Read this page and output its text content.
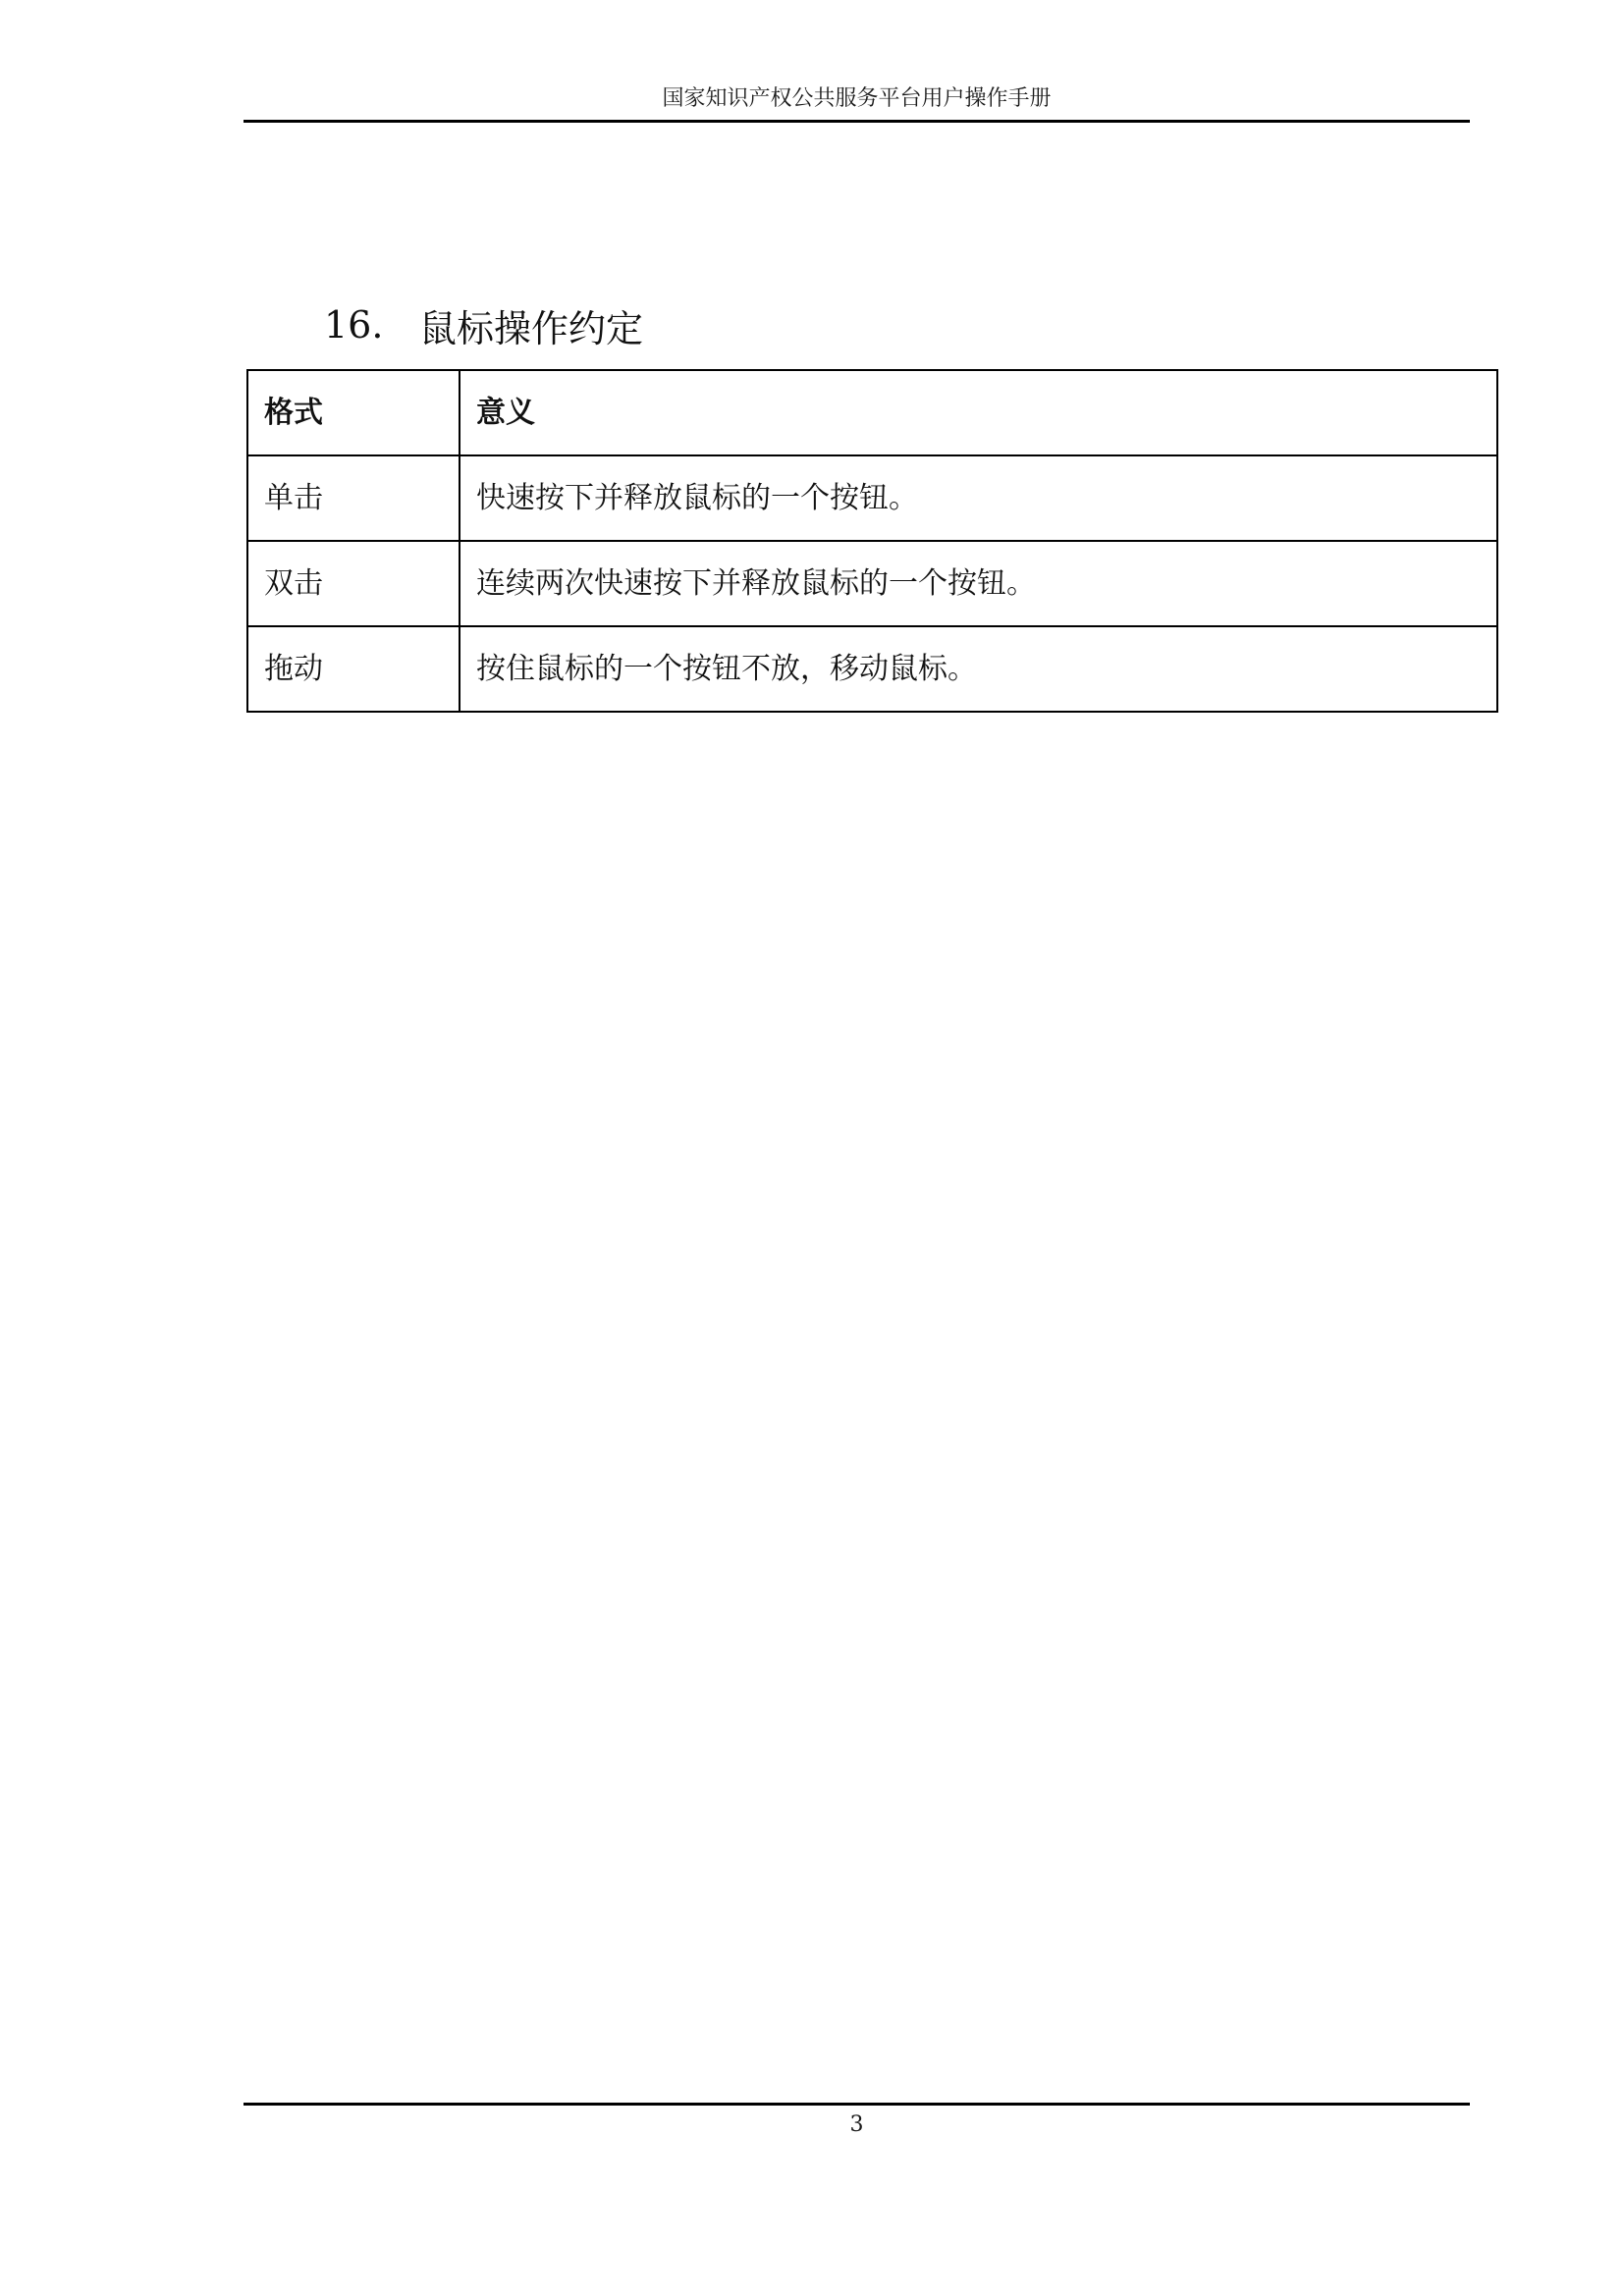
国家知识产权公共服务平台用户操作手册
16. 鼠标操作约定
格式	意义
单击	快速按下并释放鼠标的一个按钮。
双击	连续两次快速按下并释放鼠标的一个按钮。
拖动	按住鼠标的一个按钮不放，移动鼠标。
3
